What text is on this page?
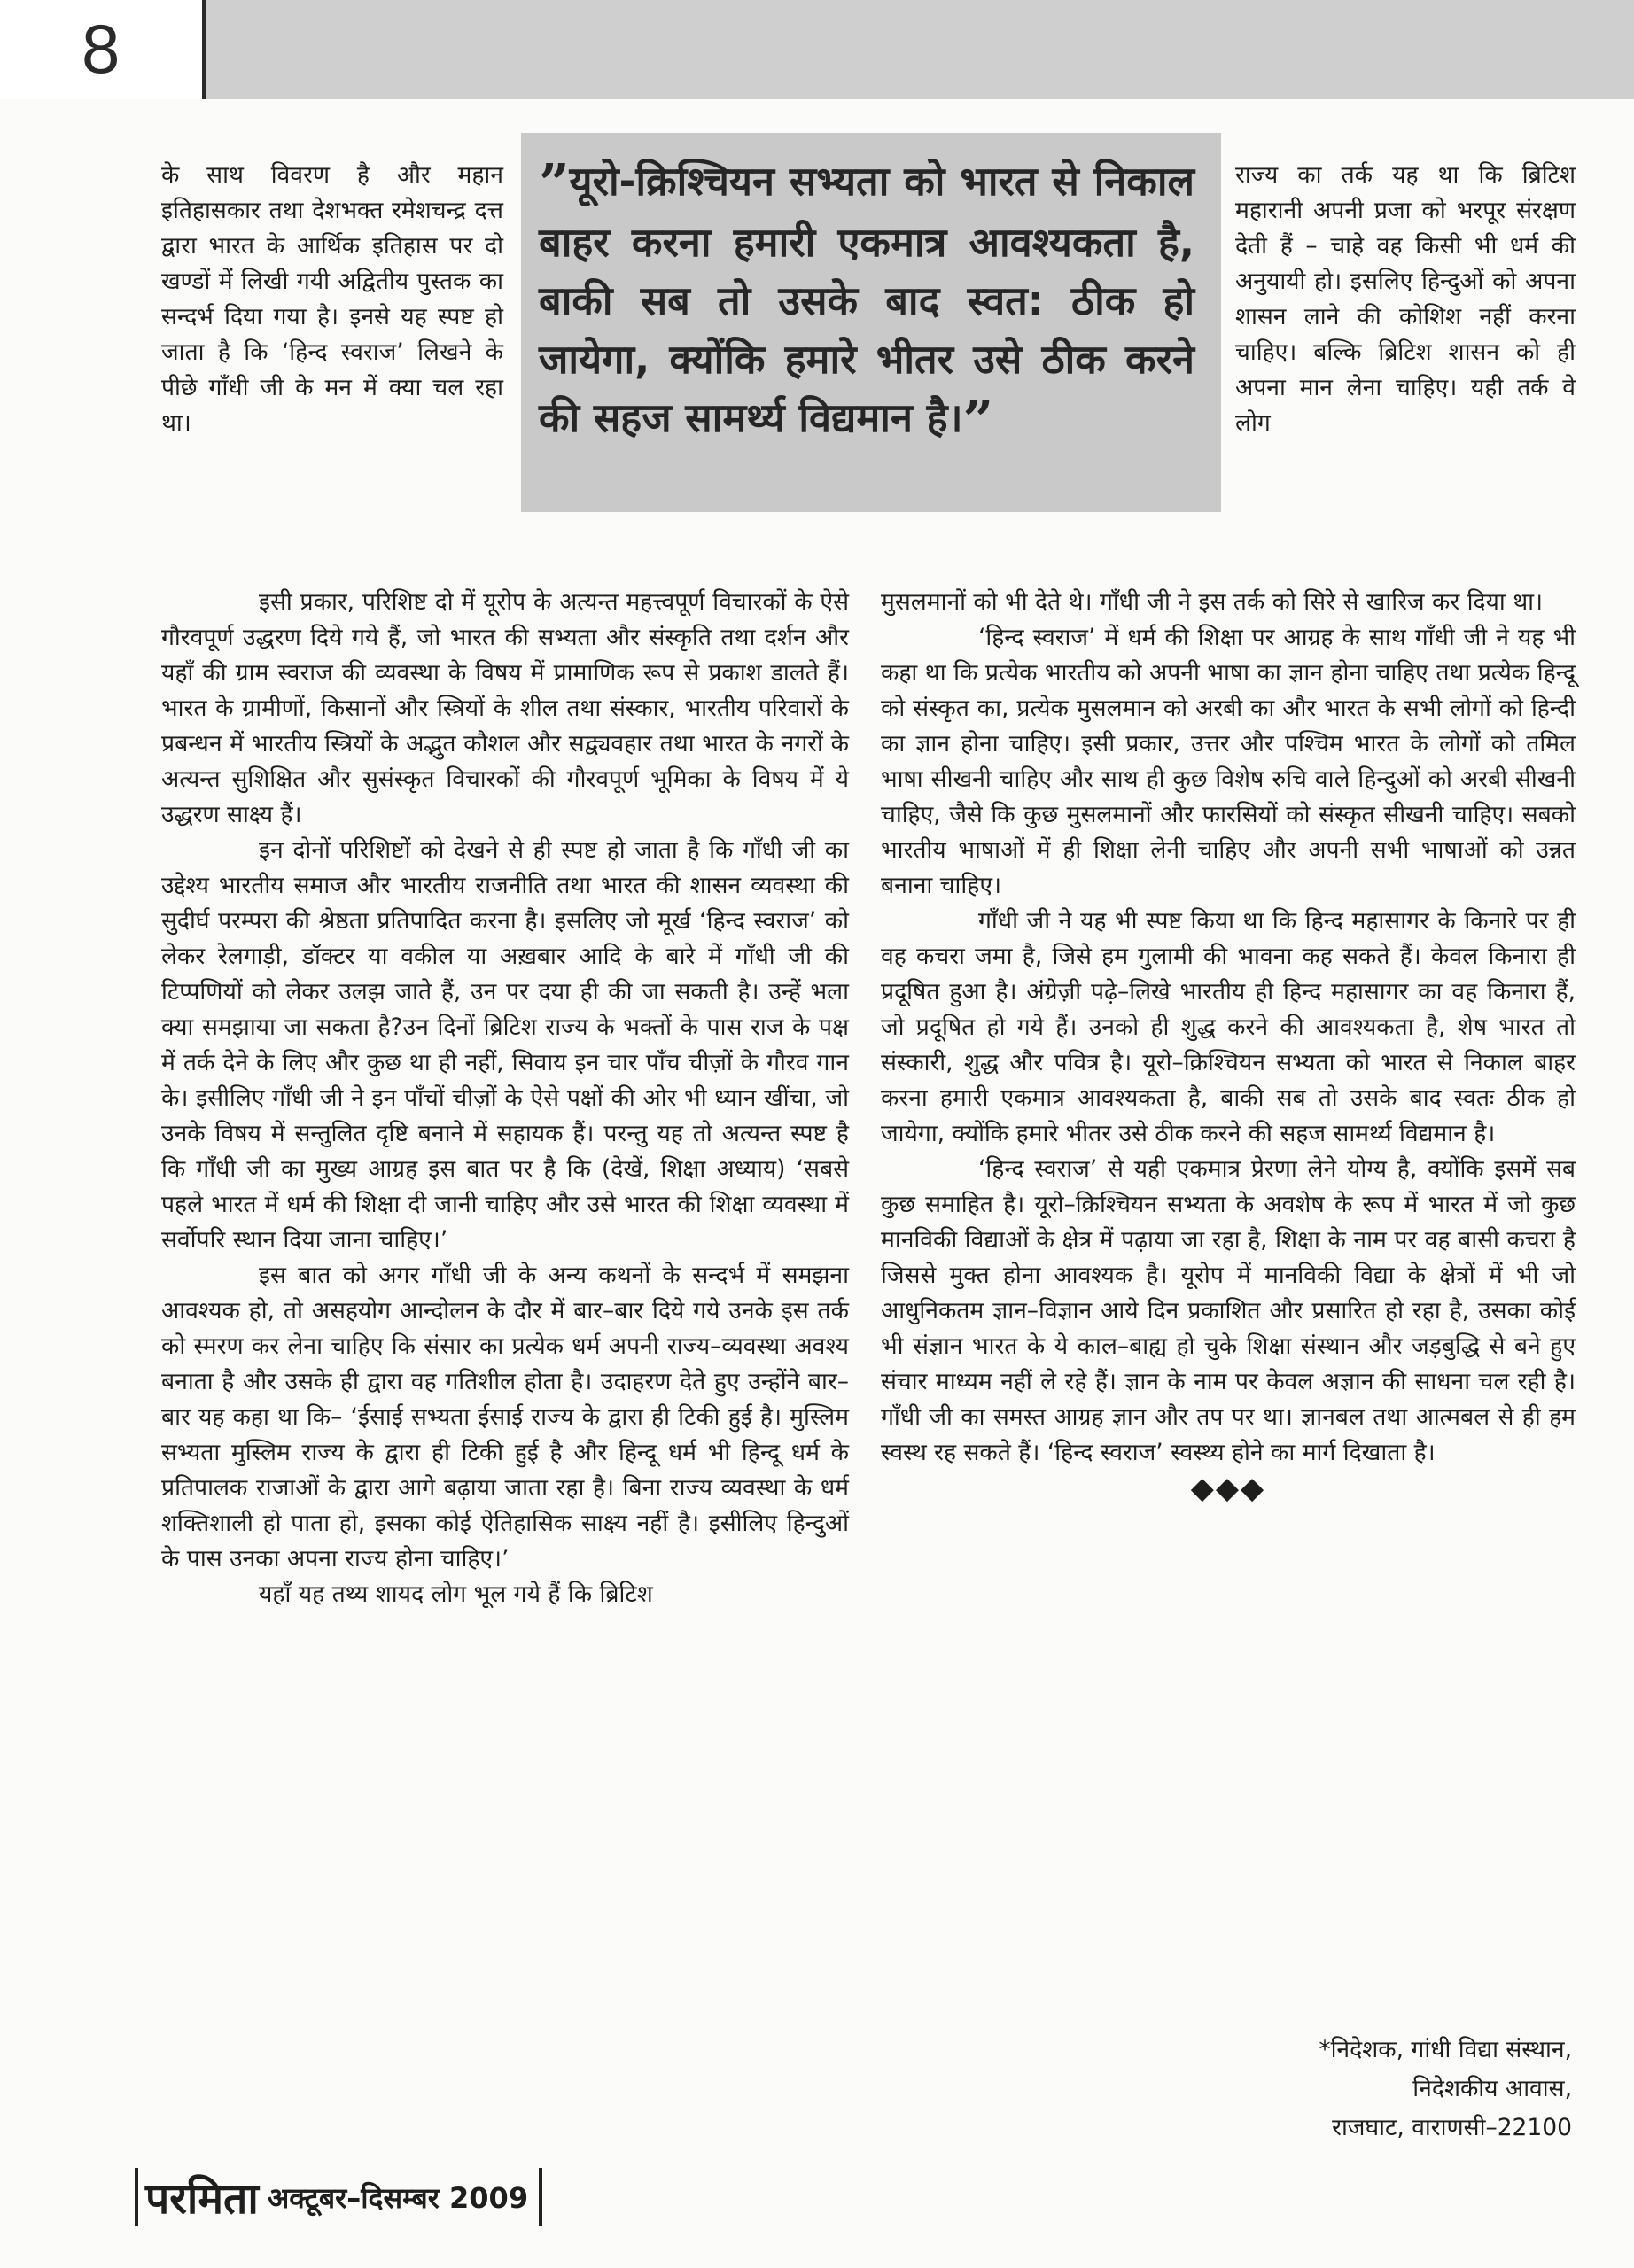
8

के साथ विवरण है और महान इतिहासकार तथा देशभक्त रमेशचन्द्र दत्त द्वारा भारत के आर्थिक इतिहास पर दो खण्डों में लिखी गयी अद्वितीय पुस्तक का सन्दर्भ दिया गया है। इनसे यह स्पष्ट हो जाता है कि ‘हिन्द स्वराज’ लिखने के पीछे गाँधी जी के मन में क्या चल रहा था।

”यूरो-क्रिश्चियन सभ्यता को भारत से निकाल बाहर करना हमारी एकमात्र आवश्यकता है, बाकी सब तो उसके बाद स्वत: ठीक हो जायेगा, क्योंकि हमारे भीतर उसे ठीक करने की सहज सामर्थ्य विद्यमान है।”

राज्य का तर्क यह था कि ब्रिटिश महारानी अपनी प्रजा को भरपूर संरक्षण देती हैं – चाहे वह किसी भी धर्म की अनुयायी हो। इसलिए हिन्दुओं को अपना शासन लाने की कोशिश नहीं करना चाहिए। बल्कि ब्रिटिश शासन को ही अपना मान लेना चाहिए। यही तर्क वे लोग

इसी प्रकार, परिशिष्ट दो में यूरोप के अत्यन्त महत्त्वपूर्ण विचारकों के ऐसे गौरवपूर्ण उद्धरण दिये गये हैं, जो भारत की सभ्यता और संस्कृति तथा दर्शन और यहाँ की ग्राम स्वराज की व्यवस्था के विषय में प्रामाणिक रूप से प्रकाश डालते हैं। भारत के ग्रामीणों, किसानों और स्त्रियों के शील तथा संस्कार, भारतीय परिवारों के प्रबन्धन में भारतीय स्त्रियों के अद्भुत कौशल और सद्व्यवहार तथा भारत के नगरों के अत्यन्त सुशिक्षित और सुसंस्कृत विचारकों की गौरवपूर्ण भूमिका के विषय में ये उद्धरण साक्ष्य हैं।

इन दोनों परिशिष्टों को देखने से ही स्पष्ट हो जाता है कि गाँधी जी का उद्देश्य भारतीय समाज और भारतीय राजनीति तथा भारत की शासन व्यवस्था की सुदीर्घ परम्परा की श्रेष्ठता प्रतिपादित करना है। इसलिए जो मूर्ख ‘हिन्द स्वराज’ को लेकर रेलगाड़ी, डॉक्टर या वकील या अख़बार आदि के बारे में गाँधी जी की टिप्पणियों को लेकर उलझ जाते हैं, उन पर दया ही की जा सकती है। उन्हें भला क्या समझाया जा सकता है?उन दिनों ब्रिटिश राज्य के भक्तों के पास राज के पक्ष में तर्क देने के लिए और कुछ था ही नहीं, सिवाय इन चार पाँच चीज़ों के गौरव गान के। इसीलिए गाँधी जी ने इन पाँचों चीज़ों के ऐसे पक्षों की ओर भी ध्यान खींचा, जो उनके विषय में सन्तुलित दृष्टि बनाने में सहायक हैं। परन्तु यह तो अत्यन्त स्पष्ट है कि गाँधी जी का मुख्य आग्रह इस बात पर है कि (देखें, शिक्षा अध्याय) ‘सबसे पहले भारत में धर्म की शिक्षा दी जानी चाहिए और उसे भारत की शिक्षा व्यवस्था में सर्वोपरि स्थान दिया जाना चाहिए।’

इस बात को अगर गाँधी जी के अन्य कथनों के सन्दर्भ में समझना आवश्यक हो, तो असहयोग आन्दोलन के दौर में बार–बार दिये गये उनके इस तर्क को स्मरण कर लेना चाहिए कि संसार का प्रत्येक धर्म अपनी राज्य–व्यवस्था अवश्य बनाता है और उसके ही द्वारा वह गतिशील होता है। उदाहरण देते हुए उन्होंने बार–बार यह कहा था कि– ‘ईसाई सभ्यता ईसाई राज्य के द्वारा ही टिकी हुई है। मुस्लिम सभ्यता मुस्लिम राज्य के द्वारा ही टिकी हुई है और हिन्दू धर्म भी हिन्दू धर्म के प्रतिपालक राजाओं के द्वारा आगे बढ़ाया जाता रहा है। बिना राज्य व्यवस्था के धर्म शक्तिशाली हो पाता हो, इसका कोई ऐतिहासिक साक्ष्य नहीं है। इसीलिए हिन्दुओं के पास उनका अपना राज्य होना चाहिए।’

यहाँ यह तथ्य शायद लोग भूल गये हैं कि ब्रिटिश

मुसलमानों को भी देते थे। गाँधी जी ने इस तर्क को सिरे से खारिज कर दिया था।

‘हिन्द स्वराज’ में धर्म की शिक्षा पर आग्रह के साथ गाँधी जी ने यह भी कहा था कि प्रत्येक भारतीय को अपनी भाषा का ज्ञान होना चाहिए तथा प्रत्येक हिन्दू को संस्कृत का, प्रत्येक मुसलमान को अरबी का और भारत के सभी लोगों को हिन्दी का ज्ञान होना चाहिए। इसी प्रकार, उत्तर और पश्चिम भारत के लोगों को तमिल भाषा सीखनी चाहिए और साथ ही कुछ विशेष रुचि वाले हिन्दुओं को अरबी सीखनी चाहिए, जैसे कि कुछ मुसलमानों और फारसियों को संस्कृत सीखनी चाहिए। सबको भारतीय भाषाओं में ही शिक्षा लेनी चाहिए और अपनी सभी भाषाओं को उन्नत बनाना चाहिए।

गाँधी जी ने यह भी स्पष्ट किया था कि हिन्द महासागर के किनारे पर ही वह कचरा जमा है, जिसे हम गुलामी की भावना कह सकते हैं। केवल किनारा ही प्रदूषित हुआ है। अंग्रेज़ी पढ़े–लिखे भारतीय ही हिन्द महासागर का वह किनारा हैं, जो प्रदूषित हो गये हैं। उनको ही शुद्ध करने की आवश्यकता है, शेष भारत तो संस्कारी, शुद्ध और पवित्र है। यूरो–क्रिश्चियन सभ्यता को भारत से निकाल बाहर करना हमारी एकमात्र आवश्यकता है, बाकी सब तो उसके बाद स्वतः ठीक हो जायेगा, क्योंकि हमारे भीतर उसे ठीक करने की सहज सामर्थ्य विद्यमान है।

‘हिन्द स्वराज’ से यही एकमात्र प्रेरणा लेने योग्य है, क्योंकि इसमें सब कुछ समाहित है। यूरो–क्रिश्चियन सभ्यता के अवशेष के रूप में भारत में जो कुछ मानविकी विद्याओं के क्षेत्र में पढ़ाया जा रहा है, शिक्षा के नाम पर वह बासी कचरा है जिससे मुक्त होना आवश्यक है। यूरोप में मानविकी विद्या के क्षेत्रों में भी जो आधुनिकतम ज्ञान–विज्ञान आये दिन प्रकाशित और प्रसारित हो रहा है, उसका कोई भी संज्ञान भारत के ये काल–बाह्य हो चुके शिक्षा संस्थान और जड़बुद्धि से बने हुए संचार माध्यम नहीं ले रहे हैं। ज्ञान के नाम पर केवल अज्ञान की साधना चल रही है। गाँधी जी का समस्त आग्रह ज्ञान और तप पर था। ज्ञानबल तथा आत्मबल से ही हम स्वस्थ रह सकते हैं। ‘हिन्द स्वराज’ स्वस्थ्य होने का मार्ग दिखाता है।

◆◆◆
*निदेशक, गांधी विद्या संस्थान,
निदेशकीय आवास,
राजघाट, वाराणसी–22100
परमिता अक्टूबर–दिसम्बर 2009
